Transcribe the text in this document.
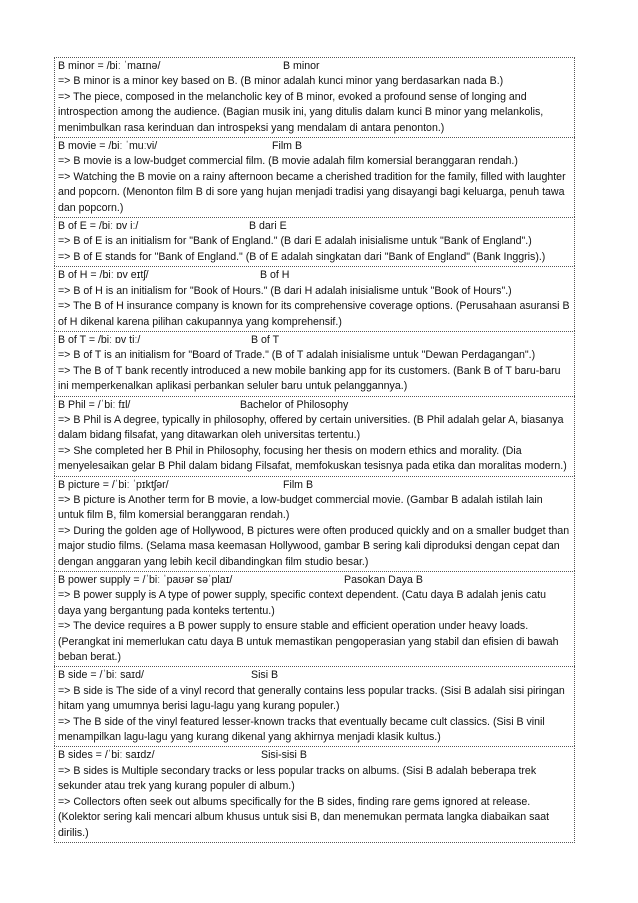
B minor = /biː ˈmaɪnə/	B minor
=> B minor is a minor key based on B. (B minor adalah kunci minor yang berdasarkan nada B.)
=> The piece, composed in the melancholic key of B minor, evoked a profound sense of longing and introspection among the audience. (Bagian musik ini, yang ditulis dalam kunci B minor yang melankolis, menimbulkan rasa kerinduan dan introspeksi yang mendalam di antara penonton.)
B movie = /biː ˈmuːvi/	Film B
=> B movie is a low-budget commercial film. (B movie adalah film komersial beranggaran rendah.)
=> Watching the B movie on a rainy afternoon became a cherished tradition for the family, filled with laughter and popcorn. (Menonton film B di sore yang hujan menjadi tradisi yang disayangi bagi keluarga, penuh tawa dan popcorn.)
B of E = /biː ɒv iː/	B dari E
=> B of E is an initialism for "Bank of England." (B dari E adalah inisialisme untuk "Bank of England".)
=> B of E stands for "Bank of England." (B of E adalah singkatan dari "Bank of England" (Bank Inggris).)
B of H = /biː ɒv eɪtʃ/	B of H
=> B of H is an initialism for "Book of Hours." (B dari H adalah inisialisme untuk "Book of Hours".)
=> The B of H insurance company is known for its comprehensive coverage options. (Perusahaan asuransi B of H dikenal karena pilihan cakupannya yang komprehensif.)
B of T = /biː ɒv tiː/	B of T
=> B of T is an initialism for "Board of Trade." (B of T adalah inisialisme untuk "Dewan Perdagangan".)
=> The B of T bank recently introduced a new mobile banking app for its customers. (Bank B of T baru-baru ini memperkenalkan aplikasi perbankan seluler baru untuk pelanggannya.)
B Phil = /ˈbiː fɪl/	Bachelor of Philosophy
=> B Phil is A degree, typically in philosophy, offered by certain universities. (B Phil adalah gelar A, biasanya dalam bidang filsafat, yang ditawarkan oleh universitas tertentu.)
=> She completed her B Phil in Philosophy, focusing her thesis on modern ethics and morality. (Dia menyelesaikan gelar B Phil dalam bidang Filsafat, memfokuskan tesisnya pada etika dan moralitas modern.)
B picture = /ˈbiː ˈpɪktʃər/	Film B
=> B picture is Another term for B movie, a low-budget commercial movie. (Gambar B adalah istilah lain untuk film B, film komersial beranggaran rendah.)
=> During the golden age of Hollywood, B pictures were often produced quickly and on a smaller budget than major studio films. (Selama masa keemasan Hollywood, gambar B sering kali diproduksi dengan cepat dan dengan anggaran yang lebih kecil dibandingkan film studio besar.)
B power supply = /ˈbiː ˈpaʊər səˈplaɪ/	Pasokan Daya B
=> B power supply is A type of power supply, specific context dependent. (Catu daya B adalah jenis catu daya yang bergantung pada konteks tertentu.)
=> The device requires a B power supply to ensure stable and efficient operation under heavy loads. (Perangkat ini memerlukan catu daya B untuk memastikan pengoperasian yang stabil dan efisien di bawah beban berat.)
B side = /ˈbiː saɪd/	Sisi B
=> B side is The side of a vinyl record that generally contains less popular tracks. (Sisi B adalah sisi piringan hitam yang umumnya berisi lagu-lagu yang kurang populer.)
=> The B side of the vinyl featured lesser-known tracks that eventually became cult classics. (Sisi B vinil menampilkan lagu-lagu yang kurang dikenal yang akhirnya menjadi klasik kultus.)
B sides = /ˈbiː saɪdz/	Sisi-sisi B
=> B sides is Multiple secondary tracks or less popular tracks on albums. (Sisi B adalah beberapa trek sekunder atau trek yang kurang populer di album.)
=> Collectors often seek out albums specifically for the B sides, finding rare gems ignored at release. (Kolektor sering kali mencari album khusus untuk sisi B, dan menemukan permata langka diabaikan saat dirilis.)
